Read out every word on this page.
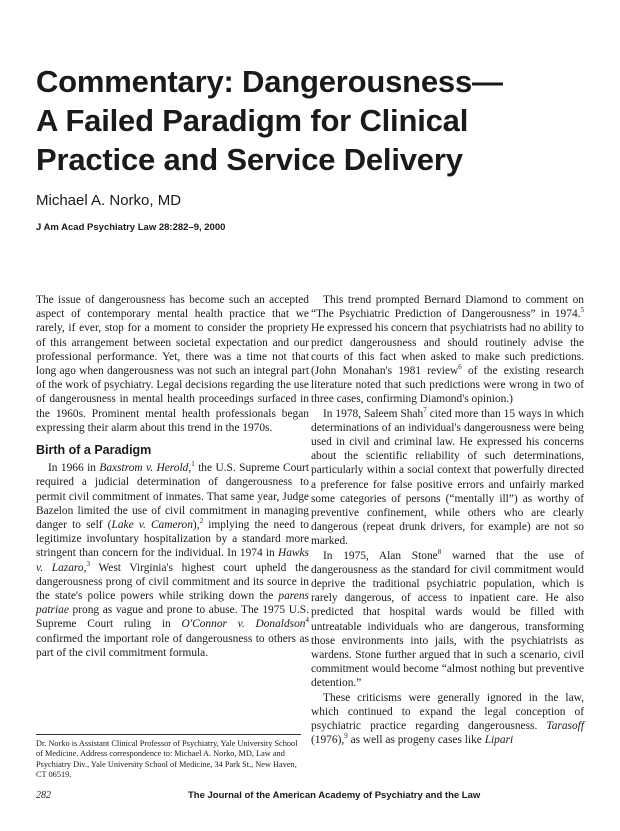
Commentary: Dangerousness—
A Failed Paradigm for Clinical
Practice and Service Delivery

Michael A. Norko, MD

J Am Acad Psychiatry Law 28:282–9, 2000

The issue of dangerousness has become such an accepted aspect of contemporary mental health practice that we rarely, if ever, stop for a moment to consider the propriety of this arrangement between societal expectation and our professional performance. Yet, there was a time not that long ago when dangerousness was not such an integral part of the work of psychiatry. Legal decisions regarding the use of dangerousness in mental health proceedings surfaced in the 1960s. Prominent mental health professionals began expressing their alarm about this trend in the 1970s.

Birth of a Paradigm

In 1966 in Baxstrom v. Herold,$^1$ the U.S. Supreme Court required a judicial determination of dangerousness to permit civil commitment of inmates. That same year, Judge Bazelon limited the use of civil commitment in managing danger to self (Lake v. Cameron),$^2$ implying the need to legitimize involuntary hospitalization by a standard more stringent than concern for the individual. In 1974 in Hawks v. Lazaro,$^3$ West Virginia's highest court upheld the dangerousness prong of civil commitment and its source in the state's police powers while striking down the parens patriae prong as vague and prone to abuse. The 1975 U.S. Supreme Court ruling in O'Connor v. Donaldson$^4$ confirmed the important role of dangerousness to others as part of the civil commitment formula.

This trend prompted Bernard Diamond to comment on “The Psychiatric Prediction of Dangerousness” in 1974.$^5$ He expressed his concern that psychiatrists had no ability to predict dangerousness and should routinely advise the courts of this fact when asked to make such predictions. (John Monahan's 1981 review$^6$ of the existing research literature noted that such predictions were wrong in two of three cases, confirming Diamond's opinion.)

In 1978, Saleem Shah$^7$ cited more than 15 ways in which determinations of an individual's dangerousness were being used in civil and criminal law. He expressed his concerns about the scientific reliability of such determinations, particularly within a social context that powerfully directed a preference for false positive errors and unfairly marked some categories of persons (“mentally ill”) as worthy of preventive confinement, while others who are clearly dangerous (repeat drunk drivers, for example) are not so marked.

In 1975, Alan Stone$^8$ warned that the use of dangerousness as the standard for civil commitment would deprive the traditional psychiatric population, which is rarely dangerous, of access to inpatient care. He also predicted that hospital wards would be filled with untreatable individuals who are dangerous, transforming those environments into jails, with the psychiatrists as wardens. Stone further argued that in such a scenario, civil commitment would become “almost nothing but preventive detention.”

These criticisms were generally ignored in the law, which continued to expand the legal conception of psychiatric practice regarding dangerousness. Tarasoff (1976),$^9$ as well as progeny cases like Lipari

Dr. Norko is Assistant Clinical Professor of Psychiatry, Yale University School of Medicine. Address correspondence to: Michael A. Norko, MD, Law and Psychiatry Div., Yale University School of Medicine, 34 Park St., New Haven, CT 06519.

282	The Journal of the American Academy of Psychiatry and the Law
